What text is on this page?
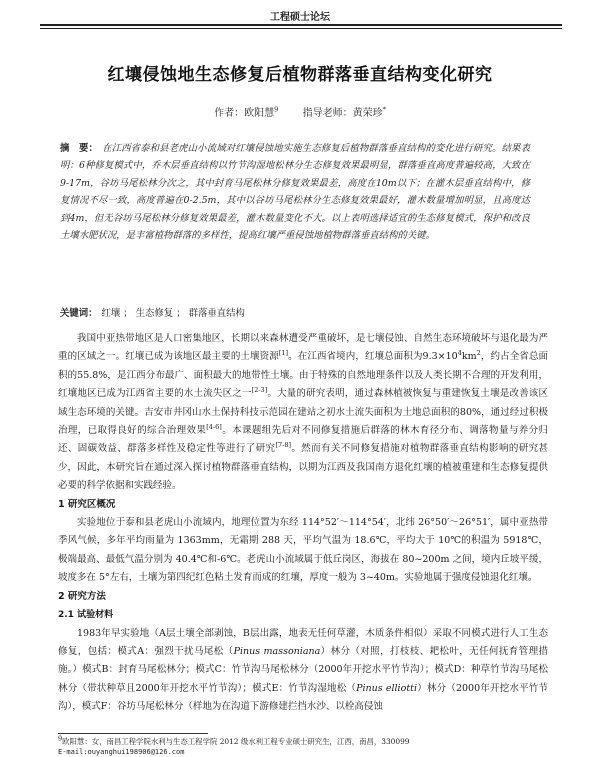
工程硕士论坛
红壤侵蚀地生态修复后植物群落垂直结构变化研究
作者：欧阳慧$^9$ 指导老师：黄荣珍*
摘　要： 在江西省泰和县老虎山小流域对红壤侵蚀地实施生态修复后植物群落垂直结构的变化进行研究。结果表明：6种修复模式中，乔木层垂直结构以竹节沟湿地松林分生态修复效果最明显，群落垂直高度普遍较高，大致在9-17m，谷坊马尾松林分次之，其中封育马尾松林分修复效果最差，高度在10m以下；在灌木层垂直结构中，修复情况不尽一致，高度普遍在0-2.5m，其中以谷坊马尾松林分生态修复效果最好，灌木数量增加明显，且高度达到4m，但无谷坊马尾松林分修复效果最差，灌木数量变化不大。以上表明选择适宜的生态修复模式，保护和改良土壤水肥状况，是丰富植物群落的多样性，提高红壤严重侵蚀地植物群落垂直结构的关键。
关键词： 红壤 ； 生态修复 ； 群落垂直结构

我国中亚热带地区是人口密集地区，长期以来森林遭受严重破坏，是七壤侵蚀、自然生态环境破坏与退化最为严重的区域之一。红壤已成为该地区最主要的土壤资源[1]。在江西省境内，红壤总面积为$9.3\times 10^4km^2$，约占全省总面积的55.8%，是江西分布最广、面积最大的地带性土壤。由于特殊的自然地理条件以及人类长期不合理的开发利用，红壤地区已成为江西省主要的水土流失区之一[2-3]。大量的研究表明，通过森林植被恢复与重建恢复土壤是改善该区域生态环境的关键。吉安市井冈山水土保持科技示范园在建站之初水土流失面积为土地总面积的80%，通过经过积极治理，已取得良好的综合治理效果[4-6]。本课题组先后对不同修复措施后群落的林木育径分布、调落物量与养分归还、固碳效益、群落多样性及稳定性等进行了研究[7-8]。然而有关不同修复措施对植物群落垂直结构影响的研究甚少，因此，本研究旨在通过深入探讨植物群落垂直结构，以期为江西及我国南方退化红壤的植被重建和生态修复提供必要的科学依据和实践经验。

1 研究区概况

实验地位于泰和县老虎山小流域内，地理位置为东经 114°52′～114°54′，北纬 26°50′～26°51′，属中亚热带季风气候，多年平均雨量为 1363mm，无霜期 288 天，平均气温为 18.6℃，平均大于 10℃的积温为 5918℃，极端最高、最低气温分别为 40.4℃和-6℃。老虎山小流域属于低丘岗区，海拔在 80~200m 之间，境内丘坡平缓，坡度多在 5°左右，土壤为第四纪红色粘土发育而成的红壤，厚度一般为 3~40m。实验地属于强度侵蚀退化红壤。

2 研究方法

2.1 试验材料

1983年早实验地（A层土壤全部剥蚀，B层出露，地表无任何草灌，木质条件相似）采取不同模式进行人工生态修复，包括：模式A：强烈干扰马尾松（Pinus massoniana）林分（对照，打枝枝、耙松叶，无任何抚育管理措施。）模式B：封育马尾松林分；模式C：竹节沟马尾松林分（2000年开挖水平竹节沟）；模式D：种草竹节沟马尾松林分（带状种草且2000年开挖水平竹节沟）；模式E：竹节沟湿地松（Pinus elliotti）林分（2000年开挖水平竹节沟），模式F：谷坊马尾松林分（样地为在沟道下游修建拦挡水沙、以栓高侵蚀

$^9$欧阳慧：女，南昌工程学院水利与生态工程学院 2012 级水利工程专业硕士研究生，江西，南昌，330099
E-mail:ouyanghui198906@126.com
